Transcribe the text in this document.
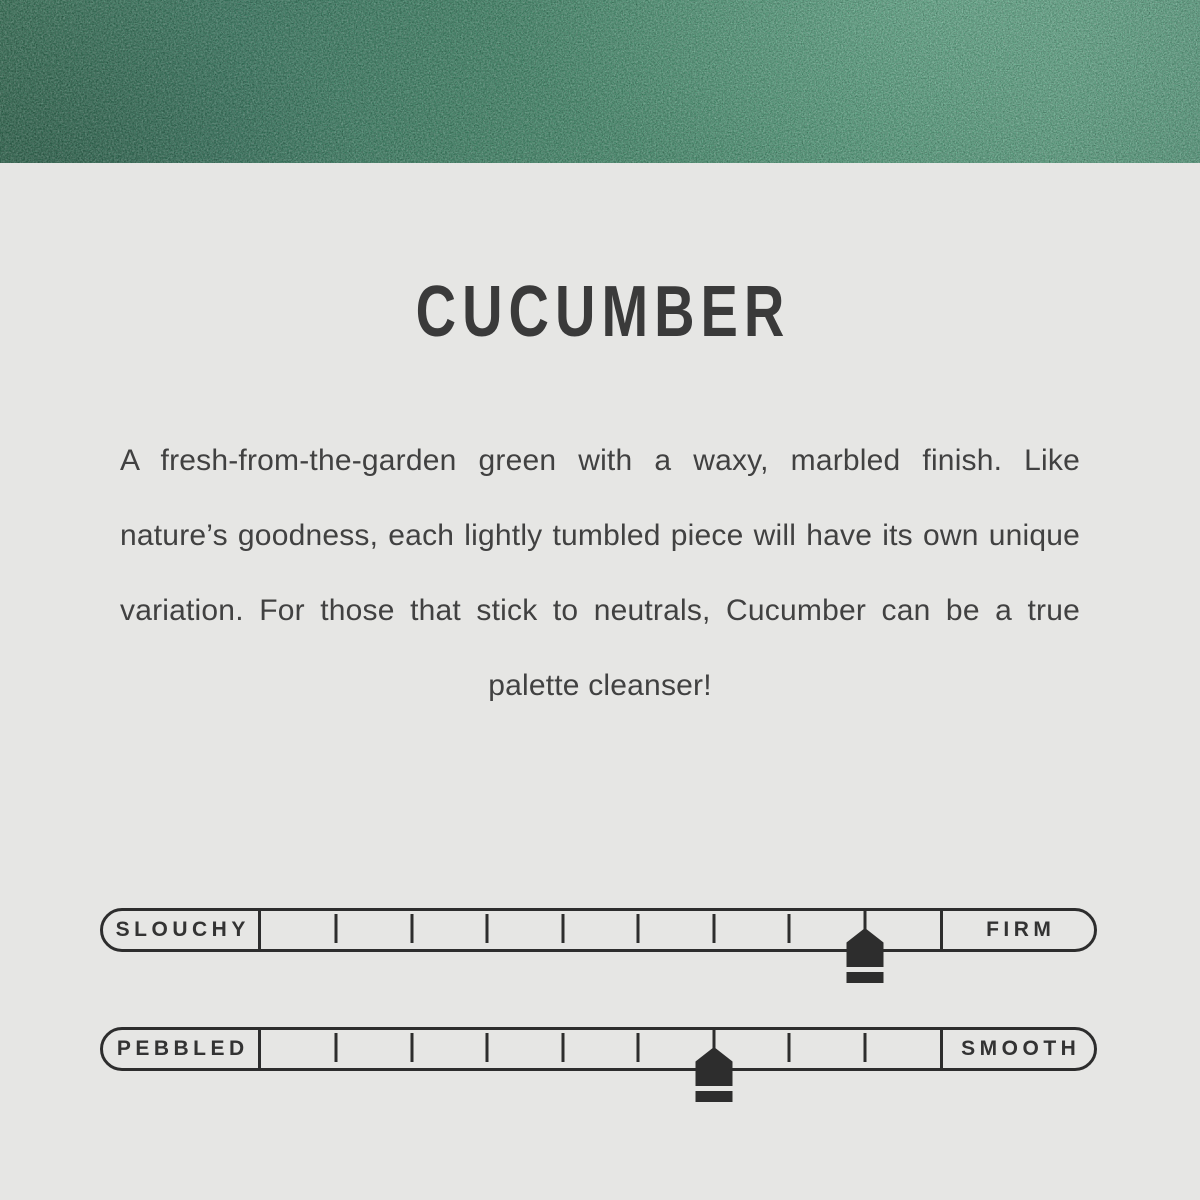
CUCUMBER
A fresh-from-the-garden green with a waxy, marbled finish. Like nature’s goodness, each lightly tumbled piece will have its own unique variation. For those that stick to neutrals, Cucumber can be a true palette cleanser!
SLOUCHY	FIRM
PEBBLED	SMOOTH
